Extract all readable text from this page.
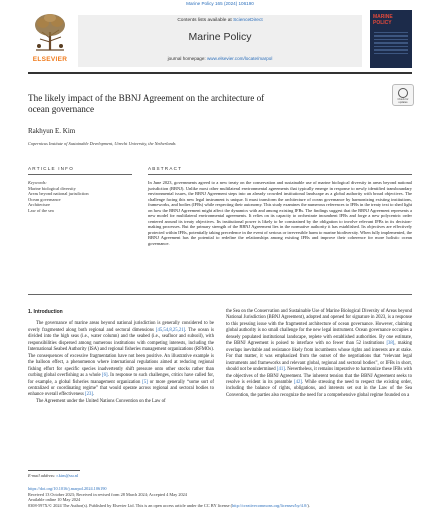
Marine Policy 165 (2024) 106190
ELSEVIER
Contents lists available at ScienceDirect
Marine Policy
journal homepage: www.elsevier.com/locate/marpol
MARINE POLICY
The likely impact of the BBNJ Agreement on the architecture of
ocean governance
Check for updates
Rakhyun E. Kim
Copernicus Institute of Sustainable Development, Utrecht University, the Netherlands
ARTICLE INFO	ABSTRACT
Keywords:
Marine biological diversity
Areas beyond national jurisdiction
Ocean governance
Architecture
Law of the sea
In June 2023, governments agreed to a new treaty on the conservation and sustainable use of marine biological diversity in areas beyond national jurisdiction (BBNJ). Unlike most other multilateral environmental agreements that typically emerge in response to newly identified transboundary environmental issues, the BBNJ Agreement steps into an already crowded institutional landscape as a global authority with broad objectives. The challenge facing this new legal instrument is unique. It must transform the architecture of ocean governance by harmonizing existing institutions, frameworks, and bodies (IFBs) while respecting their autonomy. This study examines the numerous references to IFBs in the treaty text to shed light on how the BBNJ Agreement might affect the dynamics with and among existing IFBs. The findings suggest that the BBNJ Agreement represents a new model for multilateral environmental agreements. It relies on its capacity to orchestrate incumbent IFBs and forge a new polycentric order centered around its treaty objectives. Its institutional power is likely to be constrained by the obligation to involve relevant IFBs in its decision-making processes. But the primary strength of the BBNJ Agreement lies in the normative authority it has established. Its objectives are effectively protected within IFBs, potentially taking precedence in the event of serious or irreversible harm to marine biodiversity. When fully implemented, the BBNJ Agreement has the potential to redefine the relationships among existing IFBs and improve their coherence for more holistic ocean governance.
1. Introduction

The governance of marine areas beyond national jurisdiction is generally considered to be overly fragmented along both regional and sectoral dimensions [45,54,8,25,21]. The ocean is divided into the high seas (i.e., water column) and the seabed (i.e., seafloor and subsoil), with responsibilities dispersed among numerous institutions with competing interests, including the International Seabed Authority (ISA) and regional fisheries management organizations (RFMOs). The consequences of excessive fragmentation have not been positive. An illustrative example is the balloon effect, a phenomenon where international regulations aimed at reducing regional fishing effort for specific species inadvertently shift pressure onto other stocks rather than curbing global overfishing as a whole [6]. In response to such challenges, critics have called for, for example, a global fisheries management organization [5] or more generally “some sort of centralized or coordinating regime” that would operate across regional and sectoral bodies to enhance overall effectiveness [23].

The Agreement under the United Nations Convention on the Law of

the Sea on the Conservation and Sustainable Use of Marine Biological Diversity of Areas beyond National Jurisdiction (BBNJ Agreement), adopted and opened for signature in 2023, is a response to this pressing issue with the fragmented architecture of ocean governance. However, claiming global authority is no small challenge for the new legal instrument. Ocean governance occupies a densely populated institutional landscape, replete with established authorities. By one estimate, the BBNJ Agreement is poised to interface with no fewer than 52 institutions [38], making overlaps inevitable and resistance likely from incumbents whose rights and interests are at stake. For that matter, it was emphasized from the outset of the negotiations that “relevant legal instruments and frameworks and relevant global, regional and sectoral bodies”, or IFBs in short, should not be undermined [41]. Nevertheless, it remains imperative to harmonize these IFBs with the objectives of the BBNJ Agreement. The inherent tension that the BBNJ Agreement seeks to resolve is evident in its preamble [42]. While stressing the need to respect the existing order, including the balance of rights, obligations, and interests set out in the Law of the Sea Convention, the parties also recognize the need for a comprehensive global regime founded on a

E-mail address: r.kim@uu.nl
https://doi.org/10.1016/j.marpol.2024.106190
Received 13 October 2023; Received in revised form 28 March 2024; Accepted 4 May 2024
Available online 10 May 2024
0308-597X/© 2024 The Author(s). Published by Elsevier Ltd. This is an open access article under the CC BY license (http://creativecommons.org/licenses/by/4.0/).
